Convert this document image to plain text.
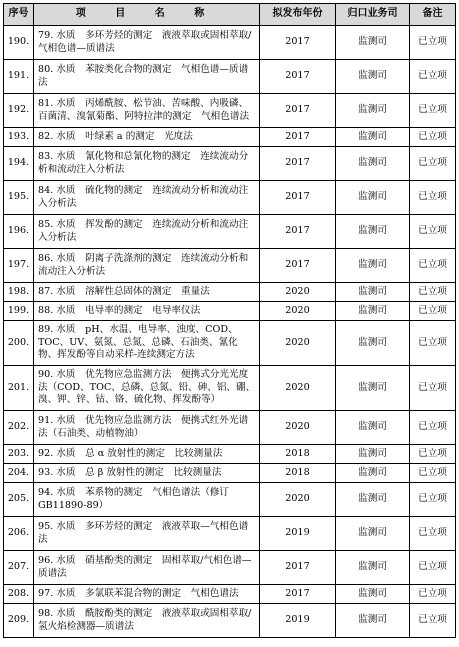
序号	项 目 名 称	拟发布年份	归口业务司	备注
190.	79. 水质　多环芳烃的测定　液液萃取或固相萃取/气相色谱—质谱法	2017	监测司	已立项
191.	80. 水质　苯胺类化合物的测定　气相色谱—质谱法	2017	监测司	已立项
192.	81. 水质　丙烯酰胺、松节油、苦味酸、内吸磷、百菌清、溴氰菊酯、阿特拉津的测定　气相色谱法	2017	监测司	已立项
193.	82. 水质　叶绿素 a 的测定　光度法	2017	监测司	已立项
194.	83. 水质　氰化物和总氰化物的测定　连续流动分析和流动注入分析法	2017	监测司	已立项
195.	84. 水质　硫化物的测定　连续流动分析和流动注入分析法	2017	监测司	已立项
196.	85. 水质　挥发酚的测定　连续流动分析和流动注入分析法	2017	监测司	已立项
197.	86. 水质　阴离子洗涤剂的测定　连续流动分析和流动注入分析法	2017	监测司	已立项
198.	87. 水质　溶解性总固体的测定　重量法	2020	监测司	已立项
199.	88. 水质　电导率的测定　电导率仪法	2020	监测司	已立项
200.	89. 水质　pH、水温、电导率、浊度、COD、TOC、UV、氨氮、总氮、总磷、石油类、氰化物、挥发酚等自动采样-连续测定方法	2020	监测司	已立项
201.	90. 水质　优先物应急监测方法　便携式分光光度法（COD、TOC、总磷、总氮、铅、砷、铝、硼、溴、钾、锌、钴、铬、硫化物、挥发酚等）	2020	监测司	已立项
202.	91. 水质　优先物应急监测方法　便携式红外光谱法（石油类、动植物油）	2020	监测司	已立项
203.	92. 水质　总 α 放射性的测定　比较测量法	2018	监测司	已立项
204.	93. 水质　总 β 放射性的测定　比较测量法	2018	监测司	已立项
205.	94. 水质　苯系物的测定　气相色谱法（修订 GB11890-89）	2020	监测司	已立项
206.	95. 水质　多环芳烃的测定　液液萃取—气相色谱法	2019	监测司	已立项
207.	96. 水质　硝基酚类的测定　固相萃取/气相色谱—质谱法	2017	监测司	已立项
208.	97. 水质　多氯联苯混合物的测定　气相色谱法	2017	监测司	已立项
209.	98. 水质　酰胺酚类的测定　液液萃取或固相萃取/氢火焰检测器—质谱法	2019	监测司	已立项
